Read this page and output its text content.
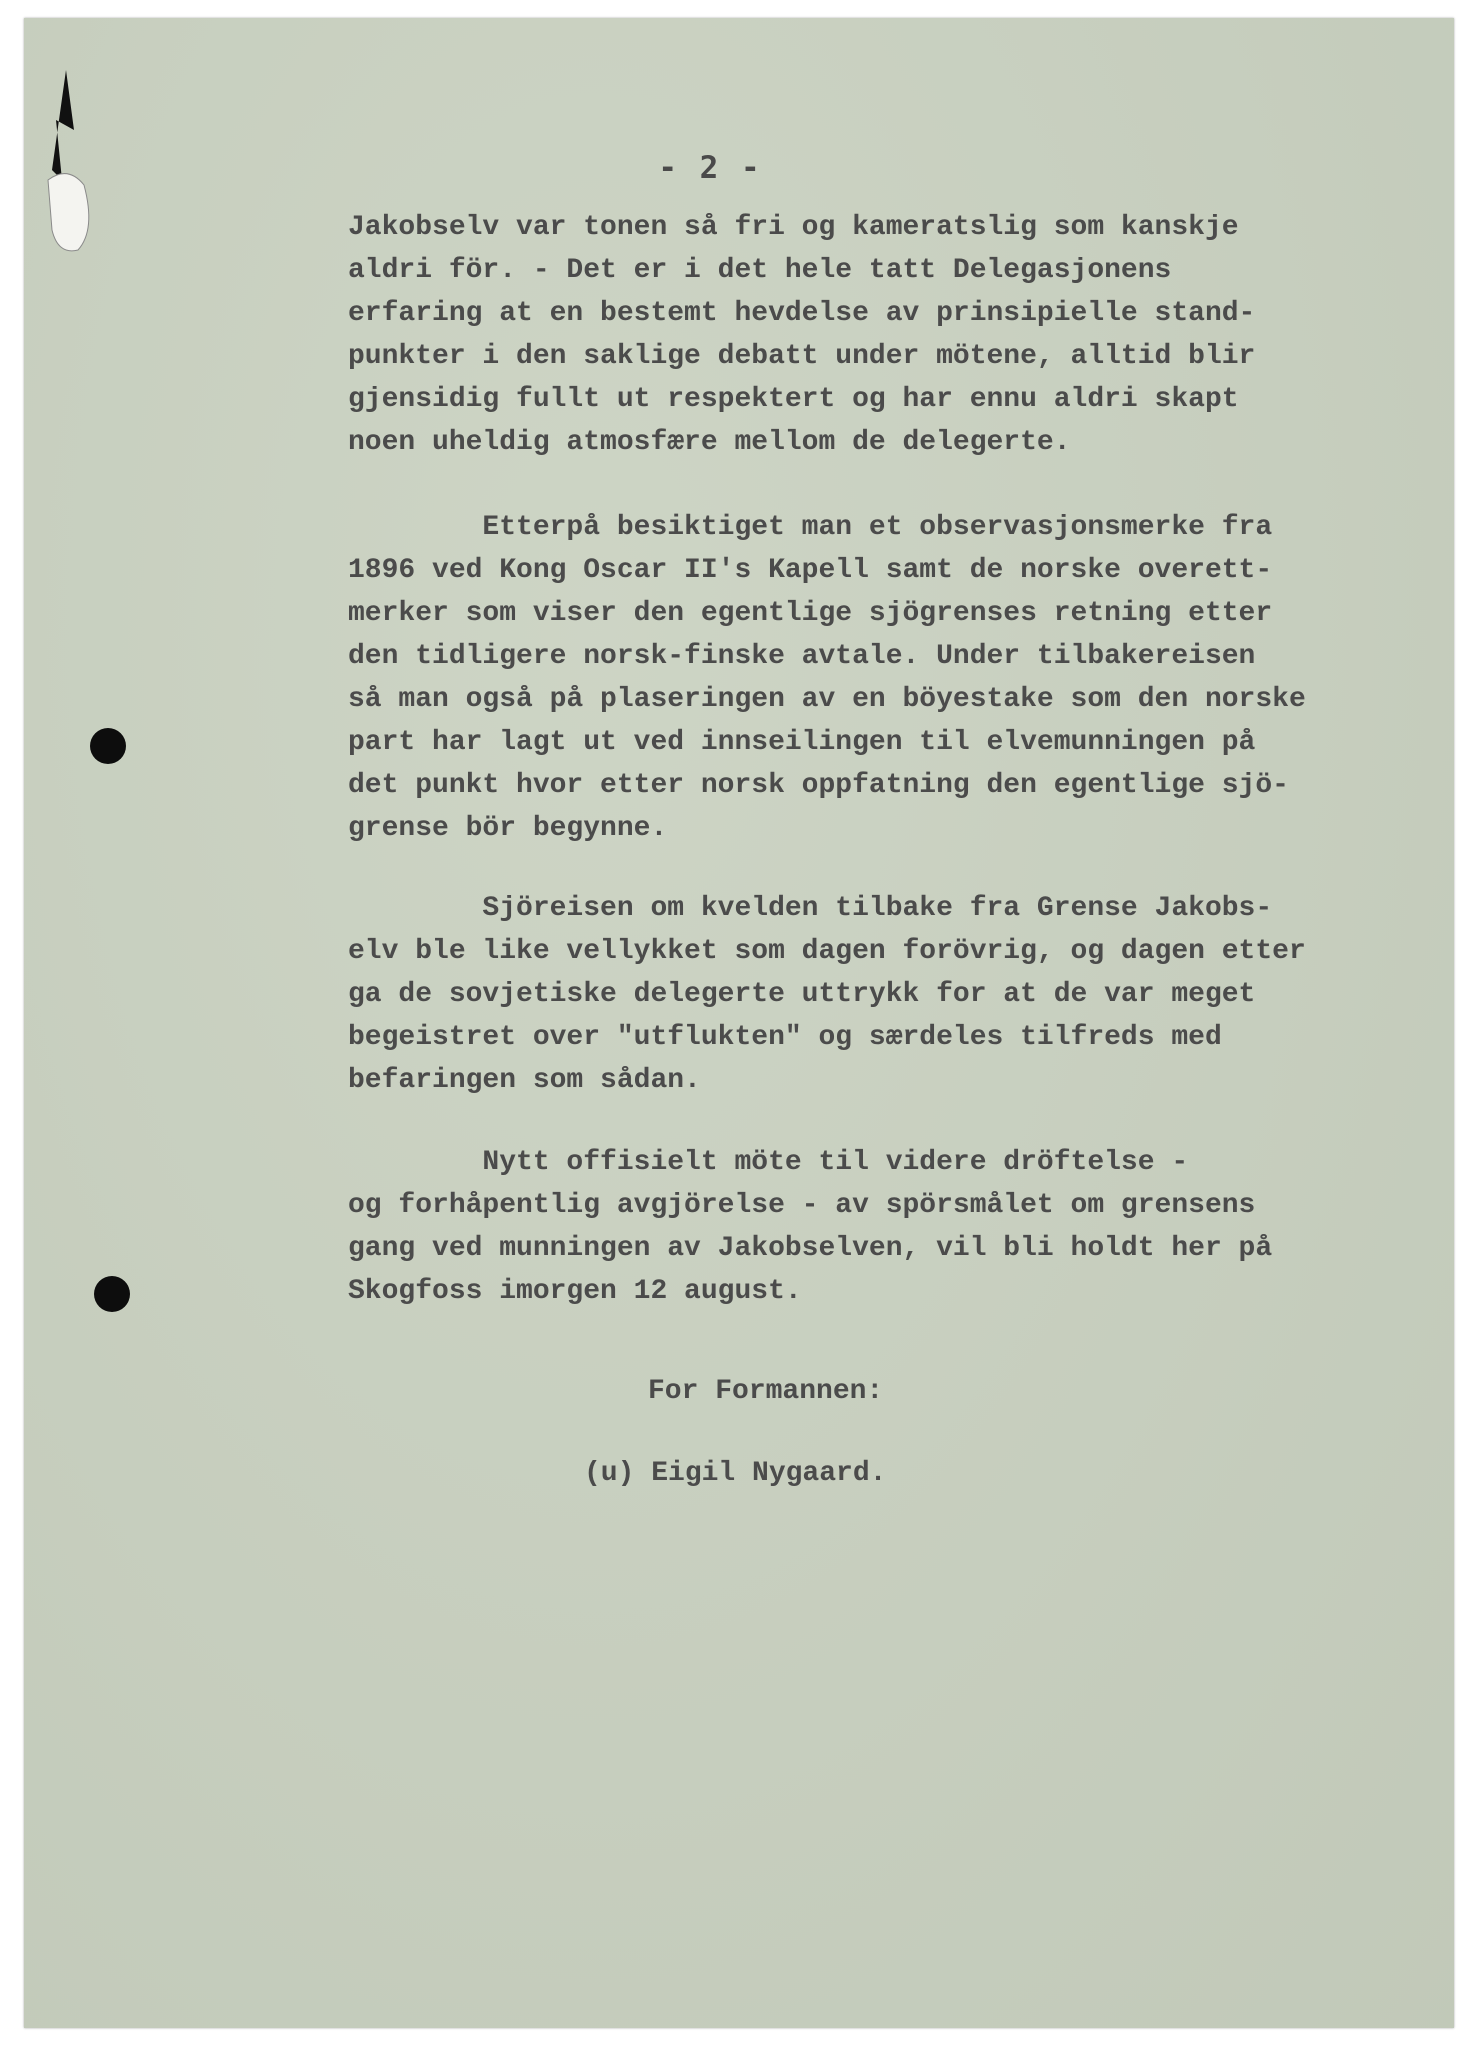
- 2 -
Jakobselv var tonen så fri og kameratslig som kanskje
aldri för. - Det er i det hele tatt Delegasjonens
erfaring at en bestemt hevdelse av prinsipielle stand-
punkter i den saklige debatt under mötene, alltid blir
gjensidig fullt ut respektert og har ennu aldri skapt
noen uheldig atmosfære mellom de delegerte.
Etterpå besiktiget man et observasjonsmerke fra
1896 ved Kong Oscar II's Kapell samt de norske overett-
merker som viser den egentlige sjögrenses retning etter
den tidligere norsk-finske avtale. Under tilbakereisen
så man også på plaseringen av en böyestake som den norske
part har lagt ut ved innseilingen til elvemunningen på
det punkt hvor etter norsk oppfatning den egentlige sjö-
grense bör begynne.
Sjöreisen om kvelden tilbake fra Grense Jakobs-
elv ble like vellykket som dagen forövrig, og dagen etter
ga de sovjetiske delegerte uttrykk for at de var meget
begeistret over "utflukten" og særdeles tilfreds med
befaringen som sådan.
Nytt offisielt möte til videre dröftelse -
og forhåpentlig avgjörelse - av spörsmålet om grensens
gang ved munningen av Jakobselven, vil bli holdt her på
Skogfoss imorgen 12 august.
For Formannen:
(u) Eigil Nygaard.
